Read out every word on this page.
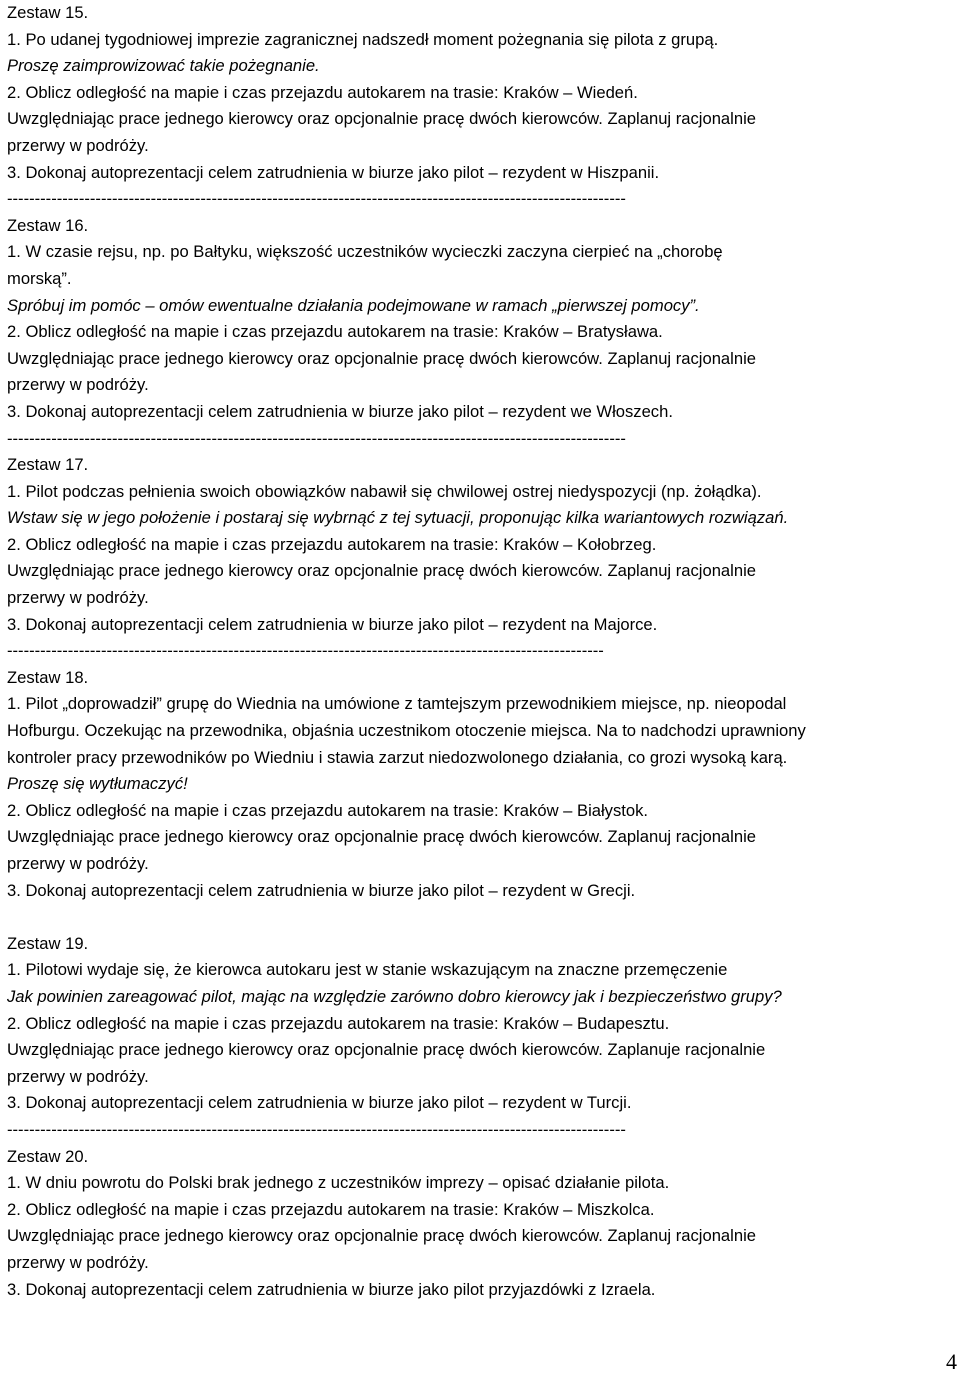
Zestaw 15.
1. Po udanej tygodniowej imprezie zagranicznej nadszedł moment pożegnania się pilota z grupą.
Proszę zaimprowizować takie pożegnanie.
2. Oblicz odległość na mapie i czas przejazdu autokarem na trasie: Kraków – Wiedeń.
Uwzględniając prace jednego kierowcy oraz opcjonalnie pracę dwóch kierowców. Zaplanuj racjonalnie
przerwy w podróży.
3. Dokonaj autoprezentacji celem zatrudnienia w biurze jako pilot – rezydent w Hiszpanii.
----------------------------------------------------------------------------------------------------------------
Zestaw 16.
1. W czasie rejsu, np. po Bałtyku, większość uczestników wycieczki zaczyna cierpieć na „chorobę
morską”.
Spróbuj im pomóc – omów ewentualne działania podejmowane w ramach „pierwszej pomocy”.
2. Oblicz odległość na mapie i czas przejazdu autokarem na trasie: Kraków – Bratysława.
Uwzględniając prace jednego kierowcy oraz opcjonalnie pracę dwóch kierowców. Zaplanuj racjonalnie
przerwy w podróży.
3. Dokonaj autoprezentacji celem zatrudnienia w biurze jako pilot – rezydent we Włoszech.
----------------------------------------------------------------------------------------------------------------
Zestaw 17.
1. Pilot podczas pełnienia swoich obowiązków nabawił się chwilowej ostrej niedyspozycji (np. żołądka).
Wstaw się w jego położenie i postaraj się wybrnąć z tej sytuacji, proponując kilka wariantowych rozwiązań.
2. Oblicz odległość na mapie i czas przejazdu autokarem na trasie: Kraków – Kołobrzeg.
Uwzględniając prace jednego kierowcy oraz opcjonalnie pracę dwóch kierowców. Zaplanuj racjonalnie
przerwy w podróży.
3. Dokonaj autoprezentacji celem zatrudnienia w biurze jako pilot – rezydent na Majorce.
------------------------------------------------------------------------------------------------------------
Zestaw 18.
1. Pilot „doprowadził” grupę do Wiednia na umówione z tamtejszym przewodnikiem miejsce, np. nieopodal
Hofburgu. Oczekując na przewodnika, objaśnia uczestnikom otoczenie miejsca. Na to nadchodzi uprawniony
kontroler pracy przewodników po Wiedniu i stawia zarzut niedozwolonego działania, co grozi wysoką karą.
Proszę się wytłumaczyć!
2. Oblicz odległość na mapie i czas przejazdu autokarem na trasie: Kraków – Białystok.
Uwzględniając prace jednego kierowcy oraz opcjonalnie pracę dwóch kierowców. Zaplanuj racjonalnie
przerwy w podróży.
3. Dokonaj autoprezentacji celem zatrudnienia w biurze jako pilot – rezydent w Grecji.
Zestaw 19.
1. Pilotowi wydaje się, że kierowca autokaru jest w stanie wskazującym na znaczne przemęczenie
Jak powinien zareagować pilot, mając na względzie zarówno dobro kierowcy jak i bezpieczeństwo grupy?
2. Oblicz odległość na mapie i czas przejazdu autokarem na trasie: Kraków – Budapesztu.
Uwzględniając prace jednego kierowcy oraz opcjonalnie pracę dwóch kierowców. Zaplanuje racjonalnie
przerwy w podróży.
3. Dokonaj autoprezentacji celem zatrudnienia w biurze jako pilot – rezydent w Turcji.
----------------------------------------------------------------------------------------------------------------
Zestaw 20.
1. W dniu powrotu do Polski brak jednego z uczestników imprezy – opisać działanie pilota.
2. Oblicz odległość na mapie i czas przejazdu autokarem na trasie: Kraków – Miszkolca.
Uwzględniając prace jednego kierowcy oraz opcjonalnie pracę dwóch kierowców. Zaplanuj racjonalnie
przerwy w podróży.
3. Dokonaj autoprezentacji celem zatrudnienia w biurze jako pilot przyjazdówki z Izraela.
4
